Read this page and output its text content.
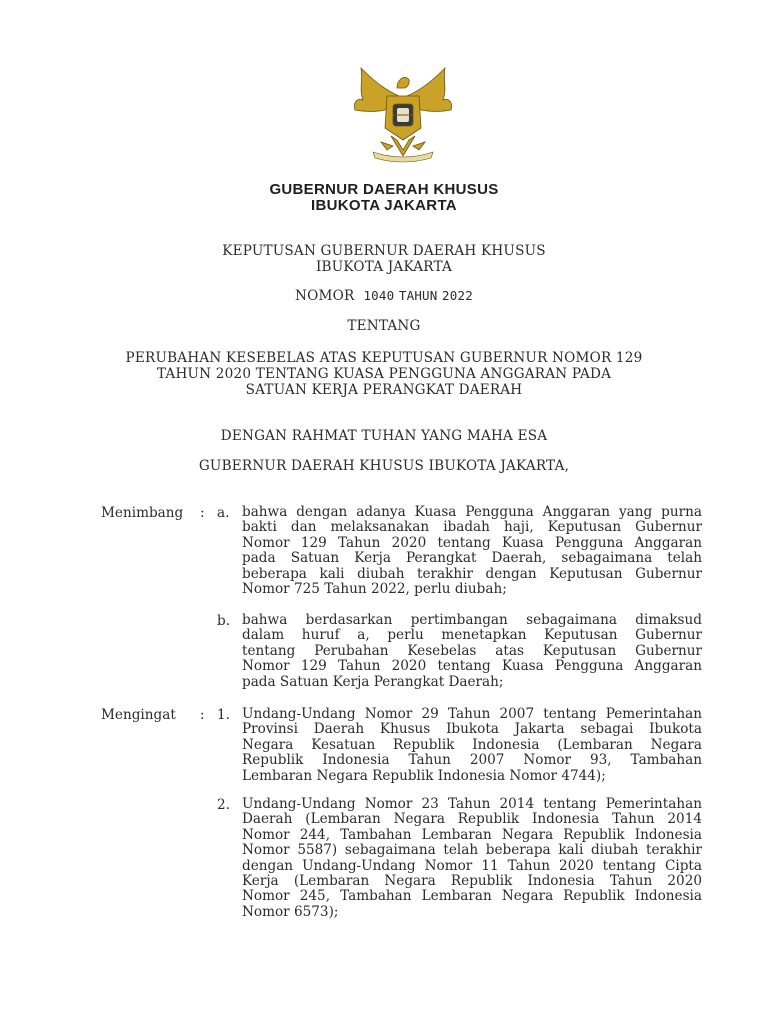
GUBERNUR DAERAH KHUSUS
IBUKOTA JAKARTA
KEPUTUSAN GUBERNUR DAERAH KHUSUS
IBUKOTA JAKARTA
NOMOR 1040 TAHUN 2022
TENTANG
PERUBAHAN KESEBELAS ATAS KEPUTUSAN GUBERNUR NOMOR 129
TAHUN 2020 TENTANG KUASA PENGGUNA ANGGARAN PADA
SATUAN KERJA PERANGKAT DAERAH
DENGAN RAHMAT TUHAN YANG MAHA ESA
GUBERNUR DAERAH KHUSUS IBUKOTA JAKARTA,
Menimbang : a. bahwa dengan adanya Kuasa Pengguna Anggaran yang purna
bakti dan melaksanakan ibadah haji, Keputusan Gubernur
Nomor 129 Tahun 2020 tentang Kuasa Pengguna Anggaran
pada Satuan Kerja Perangkat Daerah, sebagaimana telah
beberapa kali diubah terakhir dengan Keputusan Gubernur
Nomor 725 Tahun 2022, perlu diubah;
b. bahwa berdasarkan pertimbangan sebagaimana dimaksud
dalam huruf a, perlu menetapkan Keputusan Gubernur
tentang Perubahan Kesebelas atas Keputusan Gubernur
Nomor 129 Tahun 2020 tentang Kuasa Pengguna Anggaran
pada Satuan Kerja Perangkat Daerah;
Mengingat : 1. Undang-Undang Nomor 29 Tahun 2007 tentang Pemerintahan
Provinsi Daerah Khusus Ibukota Jakarta sebagai Ibukota
Negara Kesatuan Republik Indonesia (Lembaran Negara
Republik Indonesia Tahun 2007 Nomor 93, Tambahan
Lembaran Negara Republik Indonesia Nomor 4744);
2. Undang-Undang Nomor 23 Tahun 2014 tentang Pemerintahan
Daerah (Lembaran Negara Republik Indonesia Tahun 2014
Nomor 244, Tambahan Lembaran Negara Republik Indonesia
Nomor 5587) sebagaimana telah beberapa kali diubah terakhir
dengan Undang-Undang Nomor 11 Tahun 2020 tentang Cipta
Kerja (Lembaran Negara Republik Indonesia Tahun 2020
Nomor 245, Tambahan Lembaran Negara Republik Indonesia
Nomor 6573);
